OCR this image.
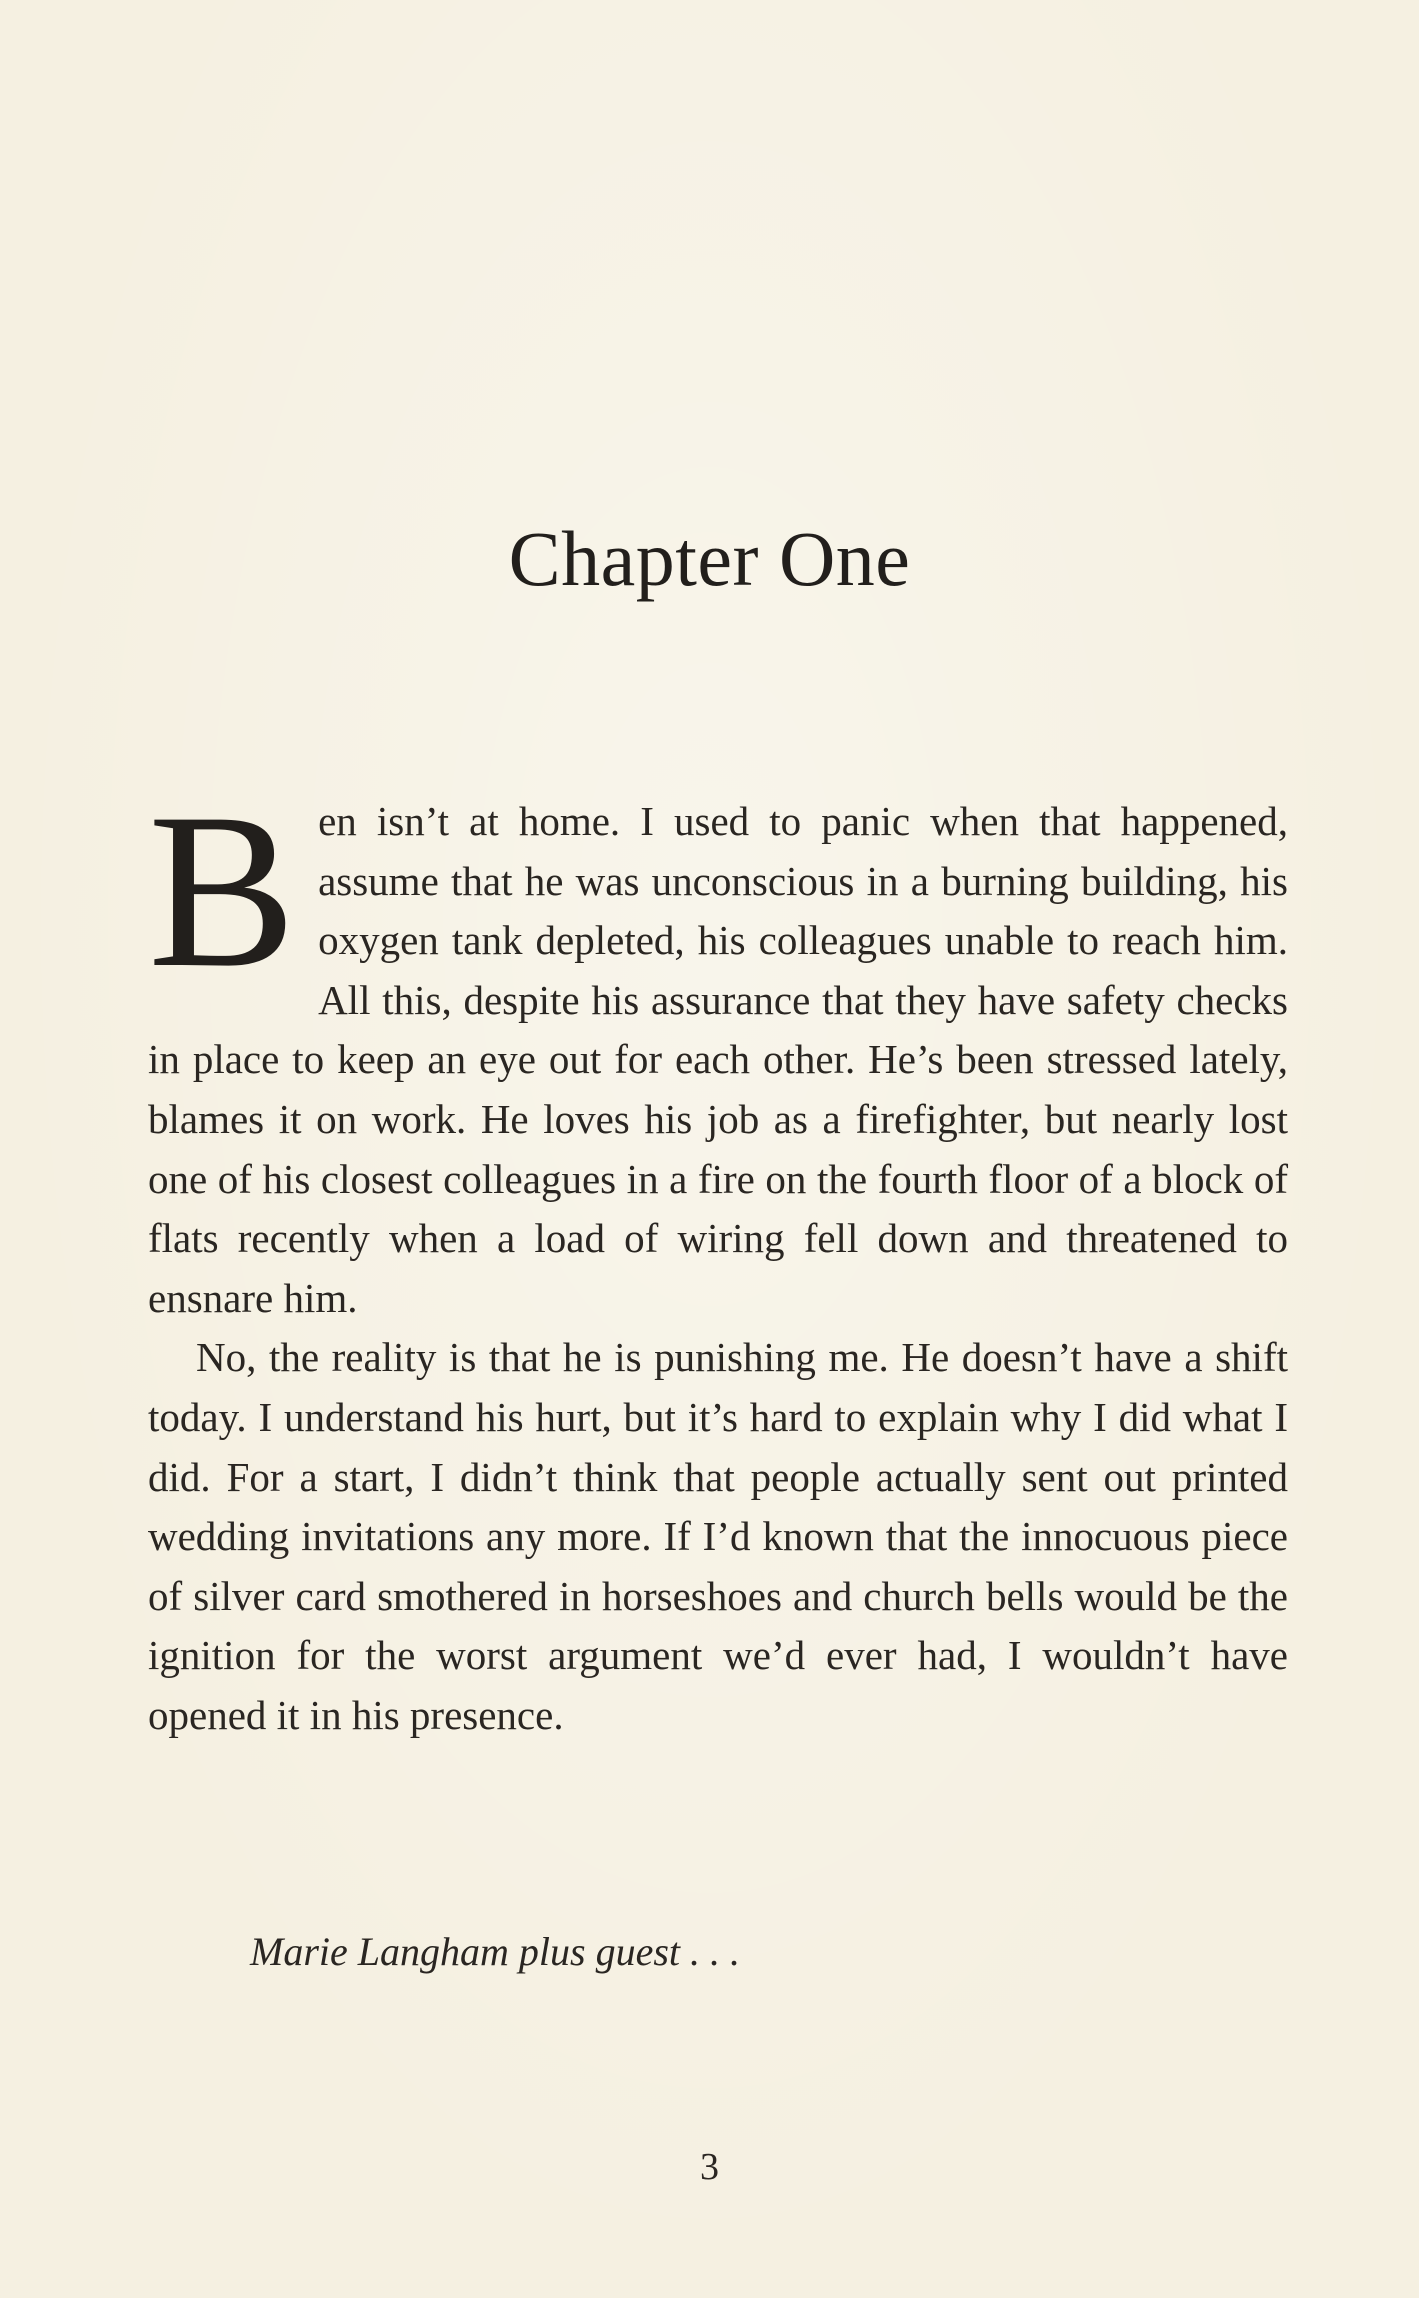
Chapter One

Ben isn’t at home. I used to panic when that happened, assume that he was unconscious in a burning building, his oxygen tank depleted, his colleagues unable to reach him. All this, despite his assurance that they have safety checks in place to keep an eye out for each other. He’s been stressed lately, blames it on work. He loves his job as a firefighter, but nearly lost one of his closest colleagues in a fire on the fourth floor of a block of flats recently when a load of wiring fell down and threatened to ensnare him.

No, the reality is that he is punishing me. He doesn’t have a shift today. I understand his hurt, but it’s hard to explain why I did what I did. For a start, I didn’t think that people actually sent out printed wedding invitations any more. If I’d known that the innocuous piece of silver card smothered in horseshoes and church bells would be the ignition for the worst argument we’d ever had, I wouldn’t have opened it in his presence.

Marie Langham plus guest . . .

3
